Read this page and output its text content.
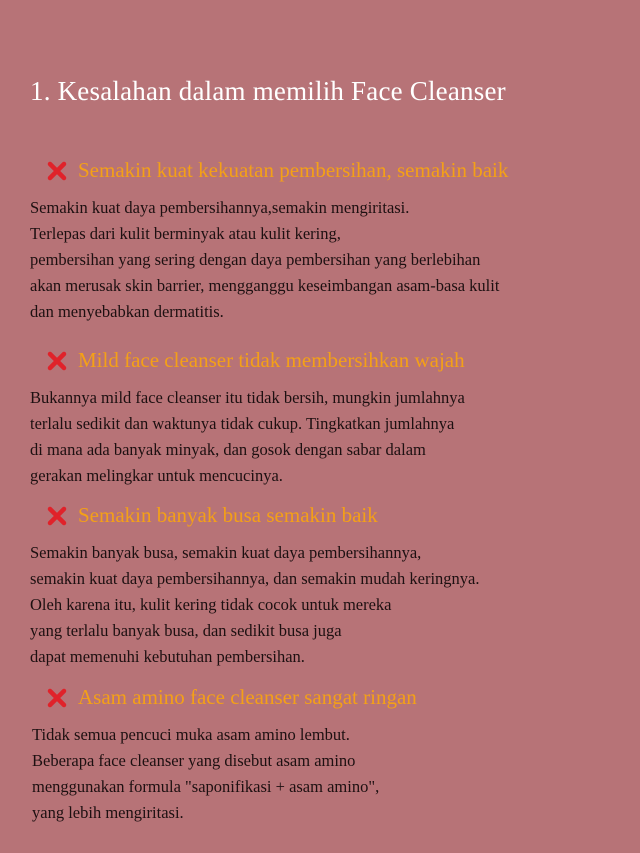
1. Kesalahan dalam memilih Face Cleanser
Semakin kuat kekuatan pembersihan, semakin baik
Semakin kuat daya pembersihannya,semakin mengiritasi.
Terlepas dari kulit berminyak atau kulit kering,
pembersihan yang sering dengan daya pembersihan yang berlebihan
akan merusak skin barrier, mengganggu keseimbangan asam-basa kulit
dan menyebabkan dermatitis.
Mild face cleanser tidak membersihkan wajah
Bukannya mild face cleanser itu tidak bersih, mungkin jumlahnya
terlalu sedikit dan waktunya tidak cukup. Tingkatkan jumlahnya
di mana ada banyak minyak, dan gosok dengan sabar dalam
gerakan melingkar untuk mencucinya.
Semakin banyak busa semakin baik
Semakin banyak busa, semakin kuat daya pembersihannya,
semakin kuat daya pembersihannya, dan semakin mudah keringnya.
Oleh karena itu, kulit kering tidak cocok untuk mereka
yang terlalu banyak busa, dan sedikit busa juga
dapat memenuhi kebutuhan pembersihan.
Asam amino face cleanser sangat ringan
Tidak semua pencuci muka asam amino lembut.
Beberapa face cleanser yang disebut asam amino
menggunakan formula "saponifikasi + asam amino",
yang lebih mengiritasi.
